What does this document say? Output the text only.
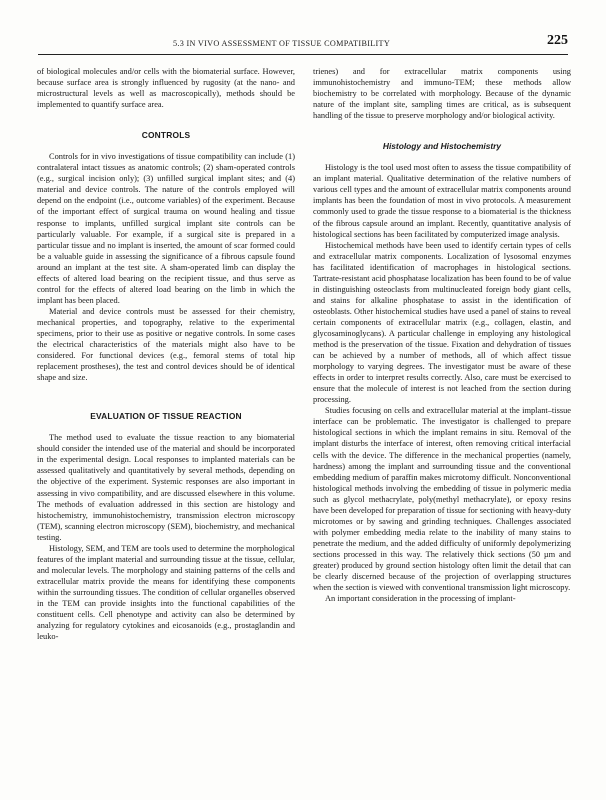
5.3 IN VIVO ASSESSMENT OF TISSUE COMPATIBILITY	225

of biological molecules and/or cells with the biomaterial surface. However, because surface area is strongly influenced by rugosity (at the nano- and microstructural levels as well as macroscopically), methods should be implemented to quantify surface area.

CONTROLS

Controls for in vivo investigations of tissue compatibility can include (1) contralateral intact tissues as anatomic controls; (2) sham-operated controls (e.g., surgical incision only); (3) unfilled surgical implant sites; and (4) material and device controls. The nature of the controls employed will depend on the endpoint (i.e., outcome variables) of the experiment. Because of the important effect of surgical trauma on wound healing and tissue response to implants, unfilled surgical implant site controls can be particularly valuable. For example, if a surgical site is prepared in a particular tissue and no implant is inserted, the amount of scar formed could be a valuable guide in assessing the significance of a fibrous capsule found around an implant at the test site. A sham-operated limb can display the effects of altered load bearing on the recipient tissue, and thus serve as control for the effects of altered load bearing on the limb in which the implant has been placed.

Material and device controls must be assessed for their chemistry, mechanical properties, and topography, relative to the experimental specimens, prior to their use as positive or negative controls. In some cases the electrical characteristics of the materials might also have to be considered. For functional devices (e.g., femoral stems of total hip replacement prostheses), the test and control devices should be of identical shape and size.

EVALUATION OF TISSUE REACTION

The method used to evaluate the tissue reaction to any biomaterial should consider the intended use of the material and should be incorporated in the experimental design. Local responses to implanted materials can be assessed qualitatively and quantitatively by several methods, depending on the objective of the experiment. Systemic responses are also important in assessing in vivo compatibility, and are discussed elsewhere in this volume. The methods of evaluation addressed in this section are histology and histochemistry, immunohistochemistry, transmission electron microscopy (TEM), scanning electron microscopy (SEM), biochemistry, and mechanical testing.

Histology, SEM, and TEM are tools used to determine the morphological features of the implant material and surrounding tissue at the tissue, cellular, and molecular levels. The morphology and staining patterns of the cells and extracellular matrix provide the means for identifying these components within the surrounding tissues. The condition of cellular organelles observed in the TEM can provide insights into the functional capabilities of the constituent cells. Cell phenotype and activity can also be determined by analyzing for regulatory cytokines and eicosanoids (e.g., prostaglandin and leuko-

trienes) and for extracellular matrix components using immunohistochemistry and immuno-TEM; these methods allow biochemistry to be correlated with morphology. Because of the dynamic nature of the implant site, sampling times are critical, as is subsequent handling of the tissue to preserve morphology and/or biological activity.

Histology and Histochemistry

Histology is the tool used most often to assess the tissue compatibility of an implant material. Qualitative determination of the relative numbers of various cell types and the amount of extracellular matrix components around implants has been the foundation of most in vivo protocols. A measurement commonly used to grade the tissue response to a biomaterial is the thickness of the fibrous capsule around an implant. Recently, quantitative analysis of histological sections has been facilitated by computerized image analysis.

Histochemical methods have been used to identify certain types of cells and extracellular matrix components. Localization of lysosomal enzymes has facilitated identification of macrophages in histological sections. Tartrate-resistant acid phosphatase localization has been found to be of value in distinguishing osteoclasts from multinucleated foreign body giant cells, and stains for alkaline phosphatase to assist in the identification of osteoblasts. Other histochemical studies have used a panel of stains to reveal certain components of extracellular matrix (e.g., collagen, elastin, and glycosaminoglycans). A particular challenge in employing any histological method is the preservation of the tissue. Fixation and dehydration of tissues can be achieved by a number of methods, all of which affect tissue morphology to varying degrees. The investigator must be aware of these effects in order to interpret results correctly. Also, care must be exercised to ensure that the molecule of interest is not leached from the section during processing.

Studies focusing on cells and extracellular material at the implant–tissue interface can be problematic. The investigator is challenged to prepare histological sections in which the implant remains in situ. Removal of the implant disturbs the interface of interest, often removing critical interfacial cells with the device. The difference in the mechanical properties (namely, hardness) among the implant and surrounding tissue and the conventional embedding medium of paraffin makes microtomy difficult. Nonconventional histological methods involving the embedding of tissue in polymeric media such as glycol methacrylate, poly(methyl methacrylate), or epoxy resins have been developed for preparation of tissue for sectioning with heavy-duty microtomes or by sawing and grinding techniques. Challenges associated with polymer embedding media relate to the inability of many stains to penetrate the medium, and the added difficulty of uniformly depolymerizing sections processed in this way. The relatively thick sections (50 µm and greater) produced by ground section histology often limit the detail that can be clearly discerned because of the projection of overlapping structures when the section is viewed with conventional transmission light microscopy.

An important consideration in the processing of implant-
